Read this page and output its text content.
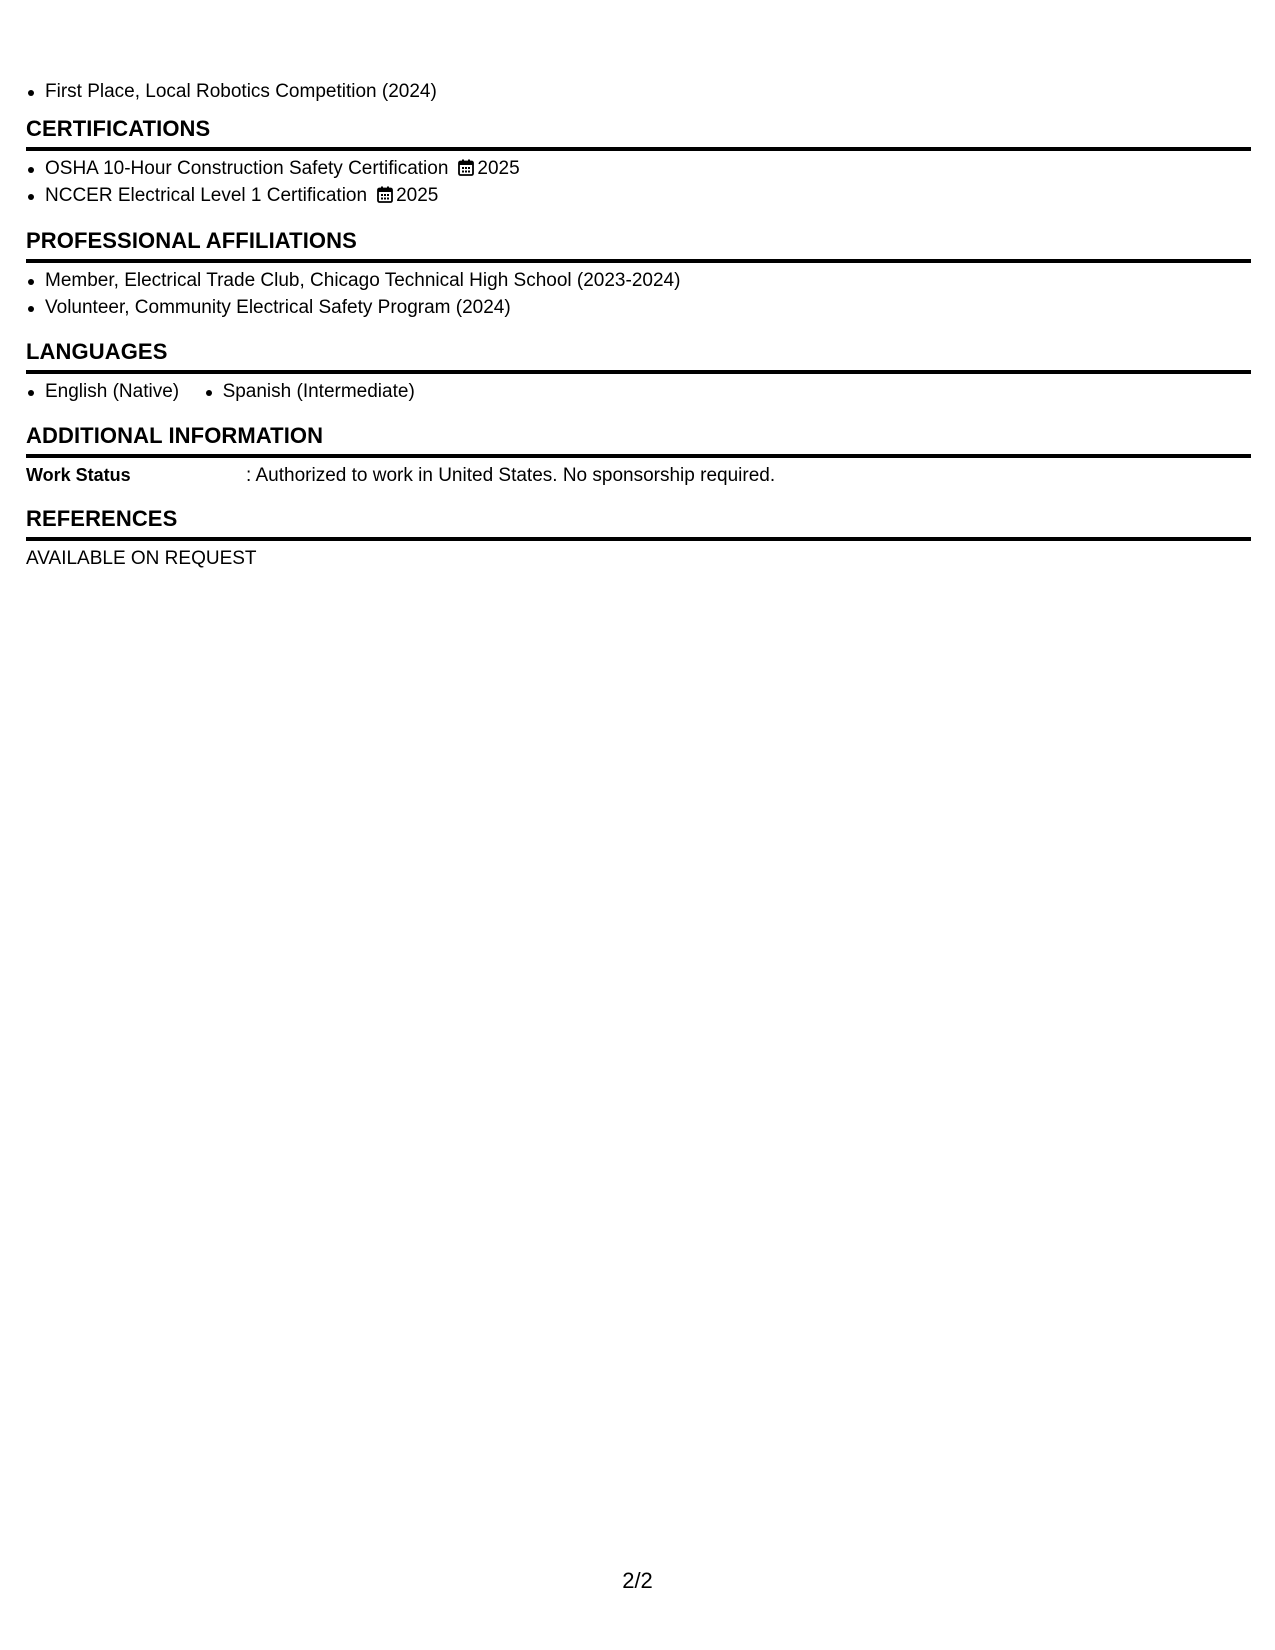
First Place, Local Robotics Competition (2024)
CERTIFICATIONS
OSHA 10-Hour Construction Safety Certification 2025
NCCER Electrical Level 1 Certification 2025
PROFESSIONAL AFFILIATIONS
Member, Electrical Trade Club, Chicago Technical High School (2023-2024)
Volunteer, Community Electrical Safety Program (2024)
LANGUAGES
English (Native) Spanish (Intermediate)
ADDITIONAL INFORMATION
Work Status	: Authorized to work in United States. No sponsorship required.
REFERENCES
AVAILABLE ON REQUEST
2/2
